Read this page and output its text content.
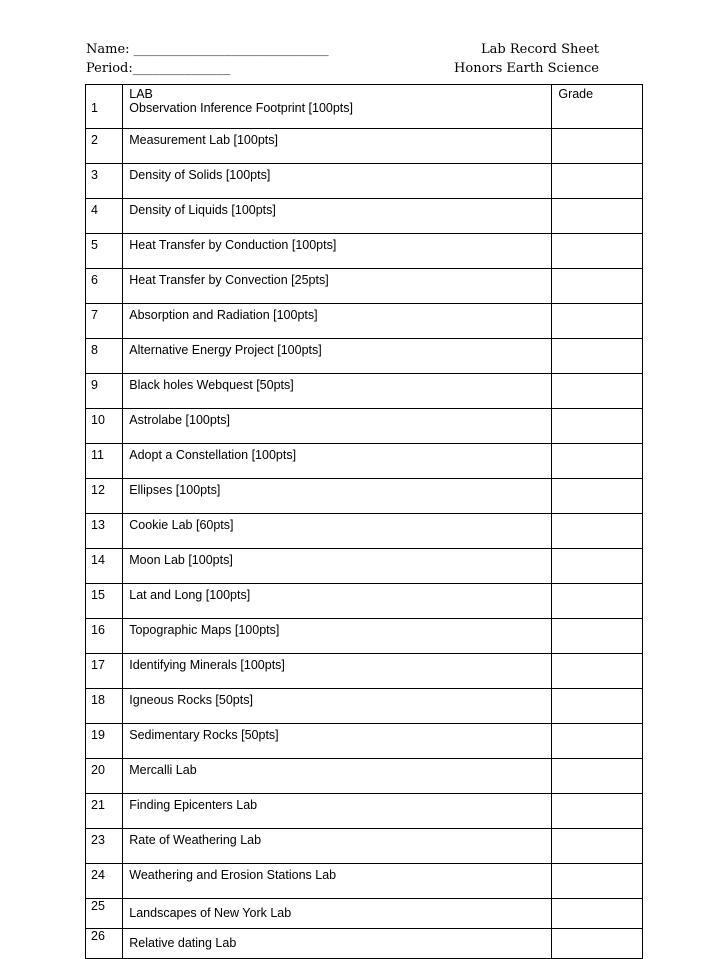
Name: ______________________________
Period:_______________
Lab Record Sheet
Honors Earth Science
	LAB	Grade
1	Observation Inference Footprint [100pts]	
2	Measurement Lab [100pts]	
3	Density of Solids [100pts]	
4	Density of Liquids [100pts]	
5	Heat Transfer by Conduction [100pts]	
6	Heat Transfer by Convection [25pts]	
7	Absorption and Radiation [100pts]	
8	Alternative Energy Project [100pts]	
9	Black holes Webquest [50pts]	
10	Astrolabe [100pts]	
11	Adopt a Constellation [100pts]	
12	Ellipses [100pts]	
13	Cookie Lab [60pts]	
14	Moon Lab [100pts]	
15	Lat and Long [100pts]	
16	Topographic Maps [100pts]	
17	Identifying Minerals [100pts]	
18	Igneous Rocks [50pts]	
19	Sedimentary Rocks [50pts]	
20	Mercalli Lab	
21	Finding Epicenters Lab	
23	Rate of Weathering Lab	
24	Weathering and Erosion Stations Lab	
25	Landscapes of New York Lab	

26	Relative dating Lab	
